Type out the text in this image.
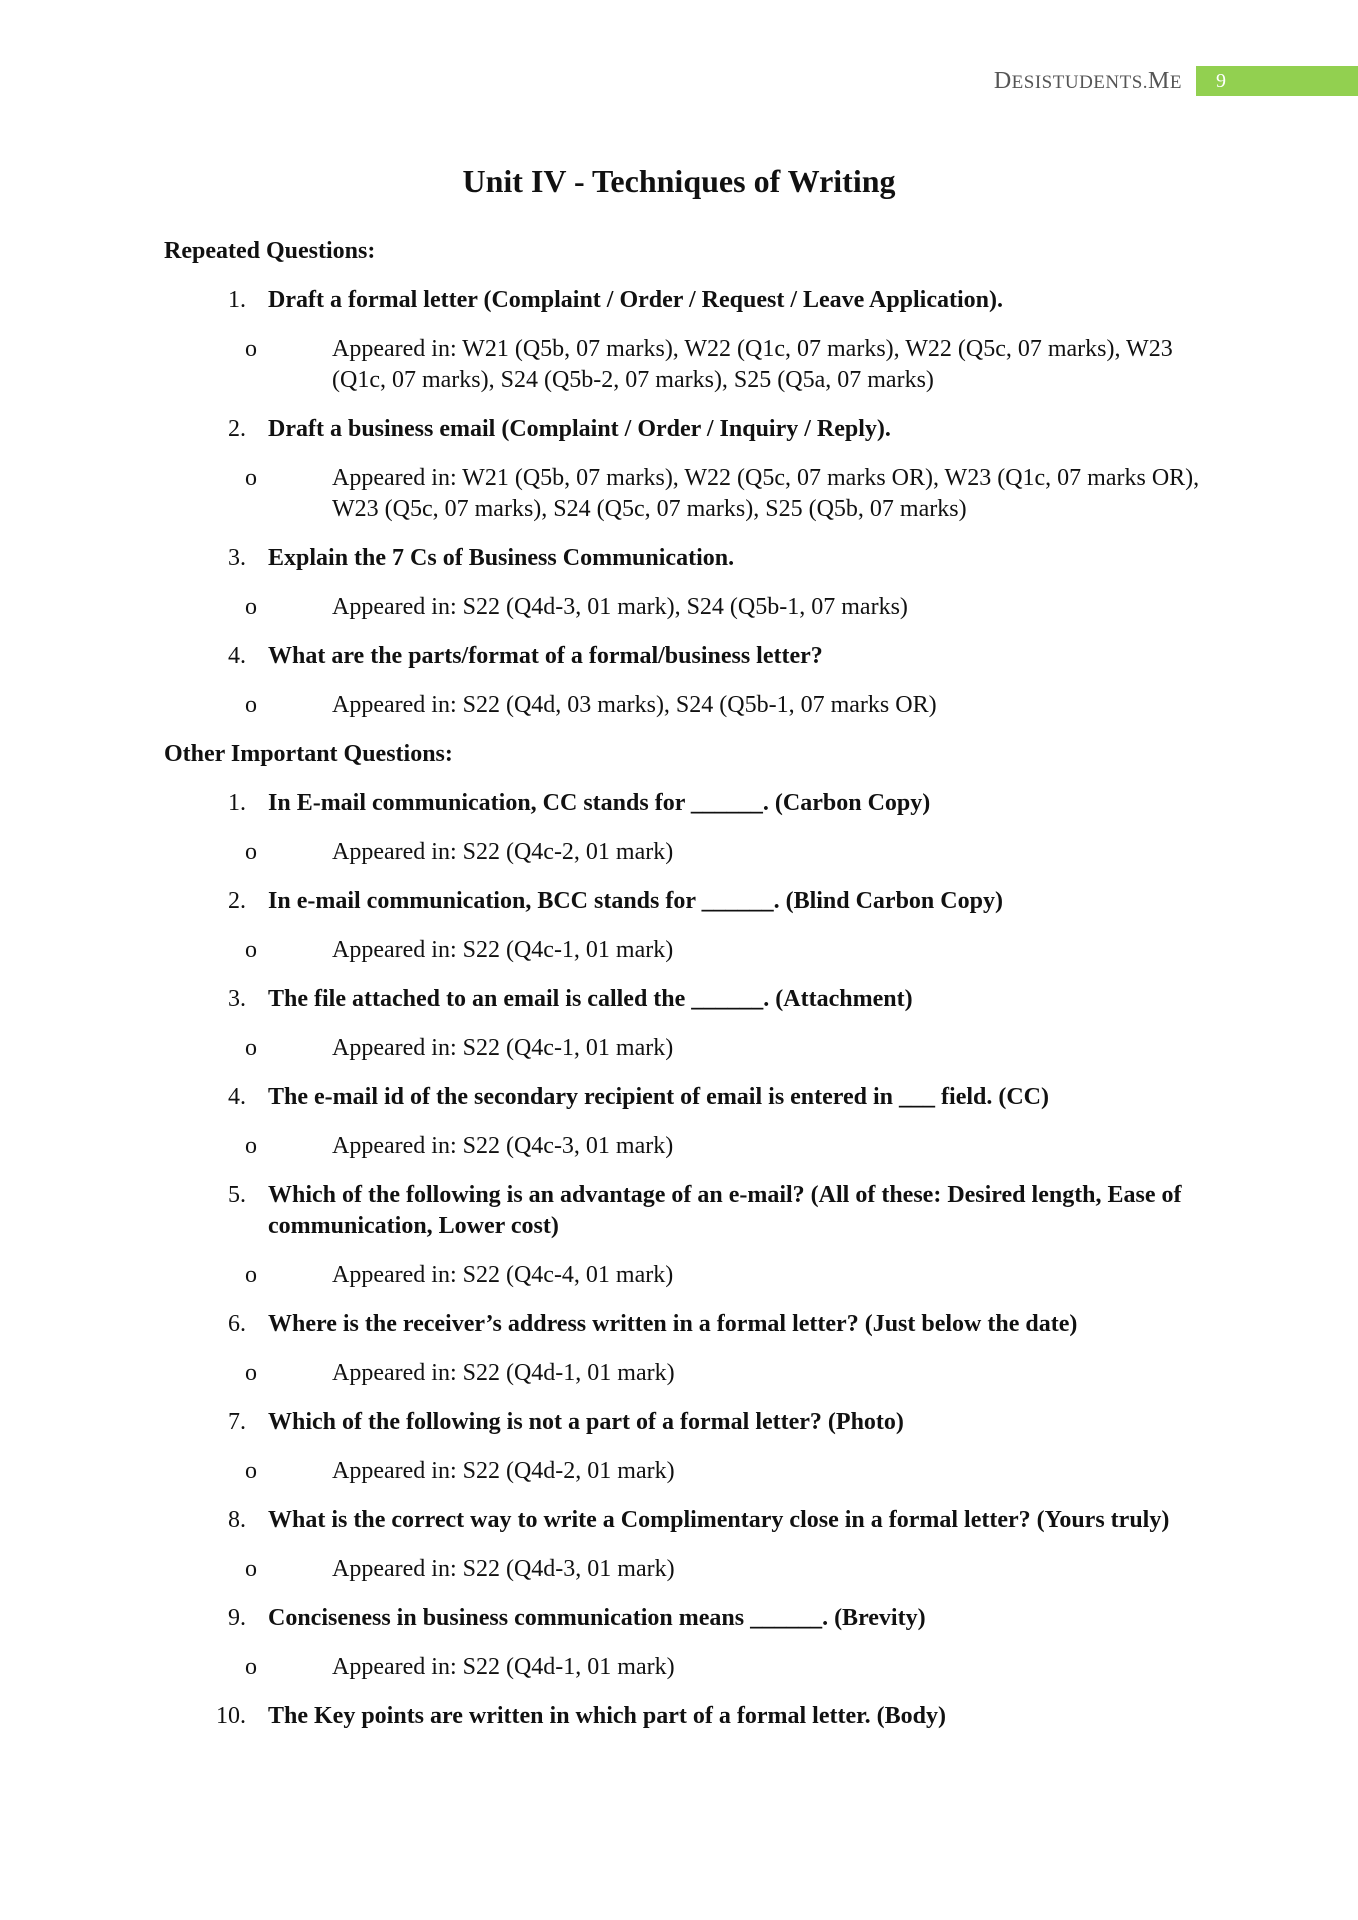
DESISTUDENTS.ME 9
Unit IV - Techniques of Writing
Repeated Questions:
1. Draft a formal letter (Complaint / Order / Request / Leave Application).
o	Appeared in: W21 (Q5b, 07 marks), W22 (Q1c, 07 marks), W22 (Q5c, 07 marks), W23 (Q1c, 07 marks), S24 (Q5b-2, 07 marks), S25 (Q5a, 07 marks)
2. Draft a business email (Complaint / Order / Inquiry / Reply).
o	Appeared in: W21 (Q5b, 07 marks), W22 (Q5c, 07 marks OR), W23 (Q1c, 07 marks OR), W23 (Q5c, 07 marks), S24 (Q5c, 07 marks), S25 (Q5b, 07 marks)
3. Explain the 7 Cs of Business Communication.
o	Appeared in: S22 (Q4d-3, 01 mark), S24 (Q5b-1, 07 marks)
4. What are the parts/format of a formal/business letter?
o	Appeared in: S22 (Q4d, 03 marks), S24 (Q5b-1, 07 marks OR)
Other Important Questions:
1. In E-mail communication, CC stands for ______. (Carbon Copy)
o	Appeared in: S22 (Q4c-2, 01 mark)
2. In e-mail communication, BCC stands for ______. (Blind Carbon Copy)
o	Appeared in: S22 (Q4c-1, 01 mark)
3. The file attached to an email is called the ______. (Attachment)
o	Appeared in: S22 (Q4c-1, 01 mark)
4. The e-mail id of the secondary recipient of email is entered in ___ field. (CC)
o	Appeared in: S22 (Q4c-3, 01 mark)
5. Which of the following is an advantage of an e-mail? (All of these: Desired length, Ease of communication, Lower cost)
o	Appeared in: S22 (Q4c-4, 01 mark)
6. Where is the receiver’s address written in a formal letter? (Just below the date)
o	Appeared in: S22 (Q4d-1, 01 mark)
7. Which of the following is not a part of a formal letter? (Photo)
o	Appeared in: S22 (Q4d-2, 01 mark)
8. What is the correct way to write a Complimentary close in a formal letter? (Yours truly)
o	Appeared in: S22 (Q4d-3, 01 mark)
9. Conciseness in business communication means ______. (Brevity)
o	Appeared in: S22 (Q4d-1, 01 mark)
10. The Key points are written in which part of a formal letter. (Body)
